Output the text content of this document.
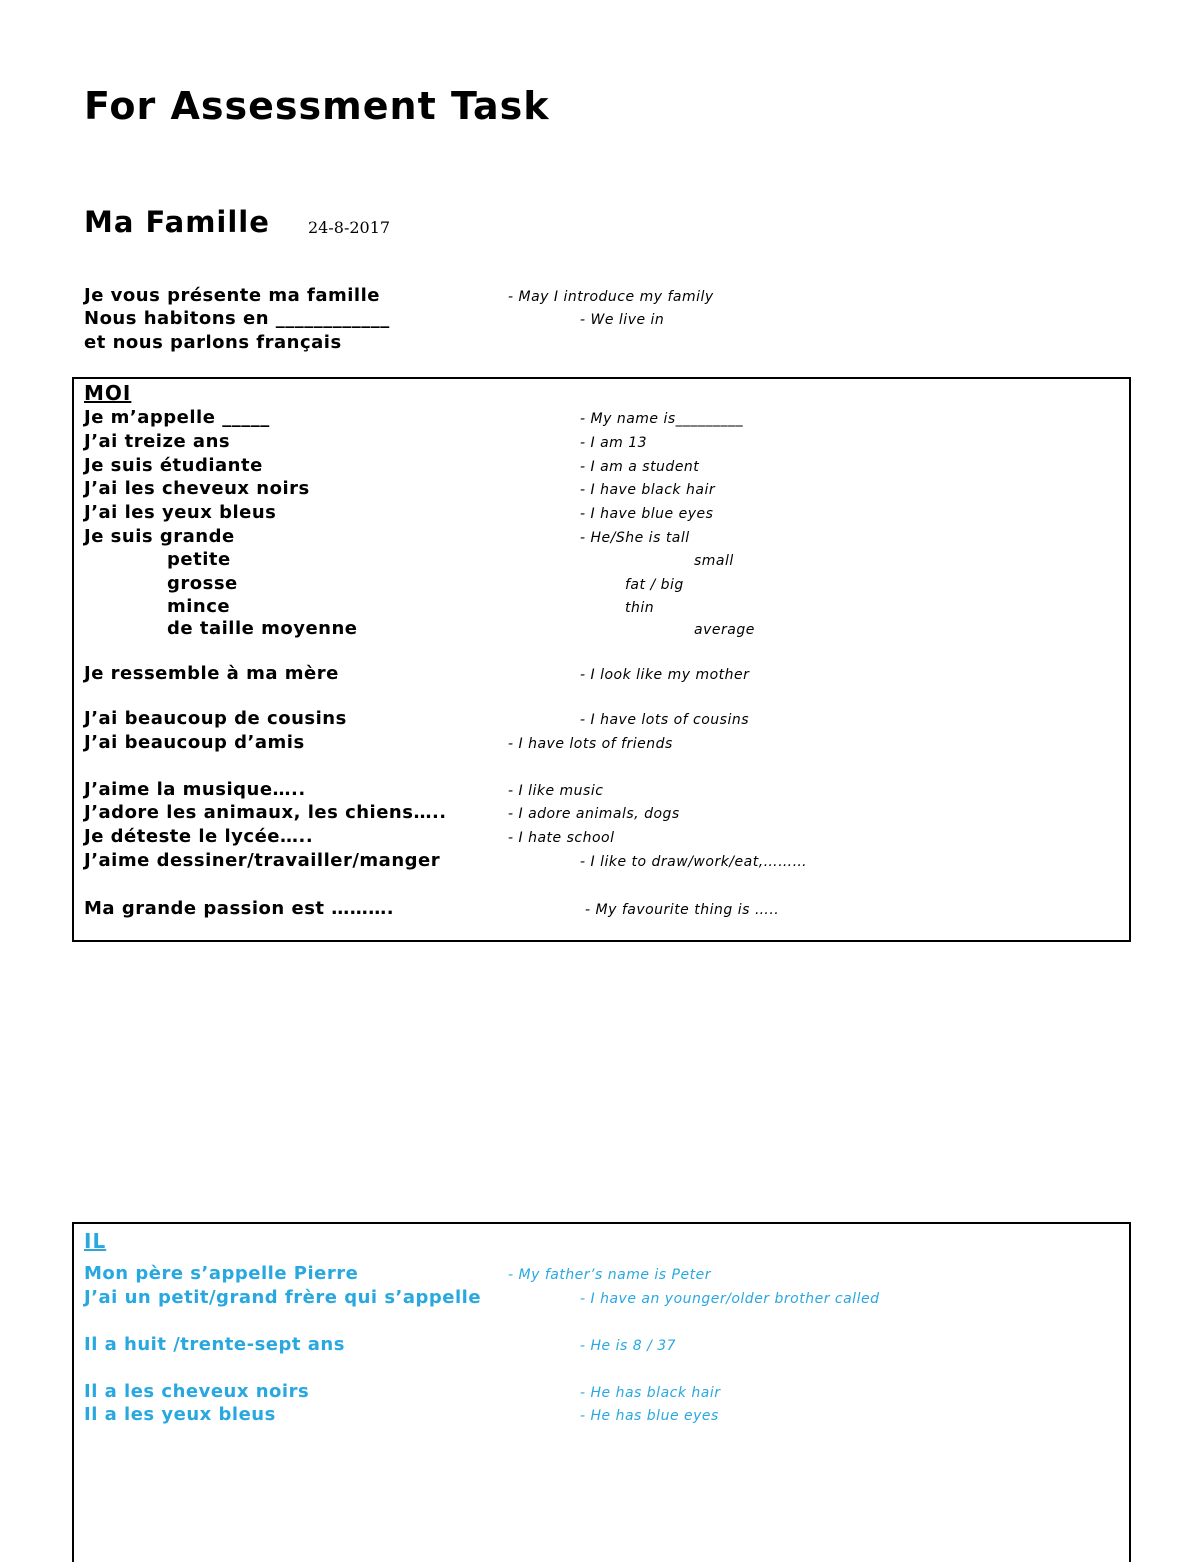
For Assessment Task
Ma Famille 24-8-2017
Je vous présente ma famille	- May I introduce my family
Nous habitons en ____________	- We live in
et nous parlons français
MOI
Je m’appelle _____	- My name is_________
J’ai treize ans	- I am 13
Je suis étudiante	- I am a student
J’ai les cheveux noirs	- I have black hair
J’ai les yeux bleus	- I have blue eyes
Je suis grande	- He/She is tall
petite	small
grosse	fat / big
mince	thin
de taille moyenne	average
Je ressemble à ma mère	- I look like my mother
J’ai beaucoup de cousins	- I have lots of cousins
J’ai beaucoup d’amis	- I have lots of friends
J’aime la musique…..	- I like music
J’adore les animaux, les chiens…..	- I adore animals, dogs
Je déteste le lycée…..	- I hate school
J’aime dessiner/travailler/manger	- I like to draw/work/eat,………
Ma grande passion est ……….	- My favourite thing is …..
IL
Mon père s’appelle Pierre	- My father’s name is Peter
J’ai un petit/grand frère qui s’appelle	- I have an younger/older brother called
Il a huit /trente-sept ans	- He is 8 / 37
Il a les cheveux noirs	- He has black hair
Il a les yeux bleus	- He has blue eyes
